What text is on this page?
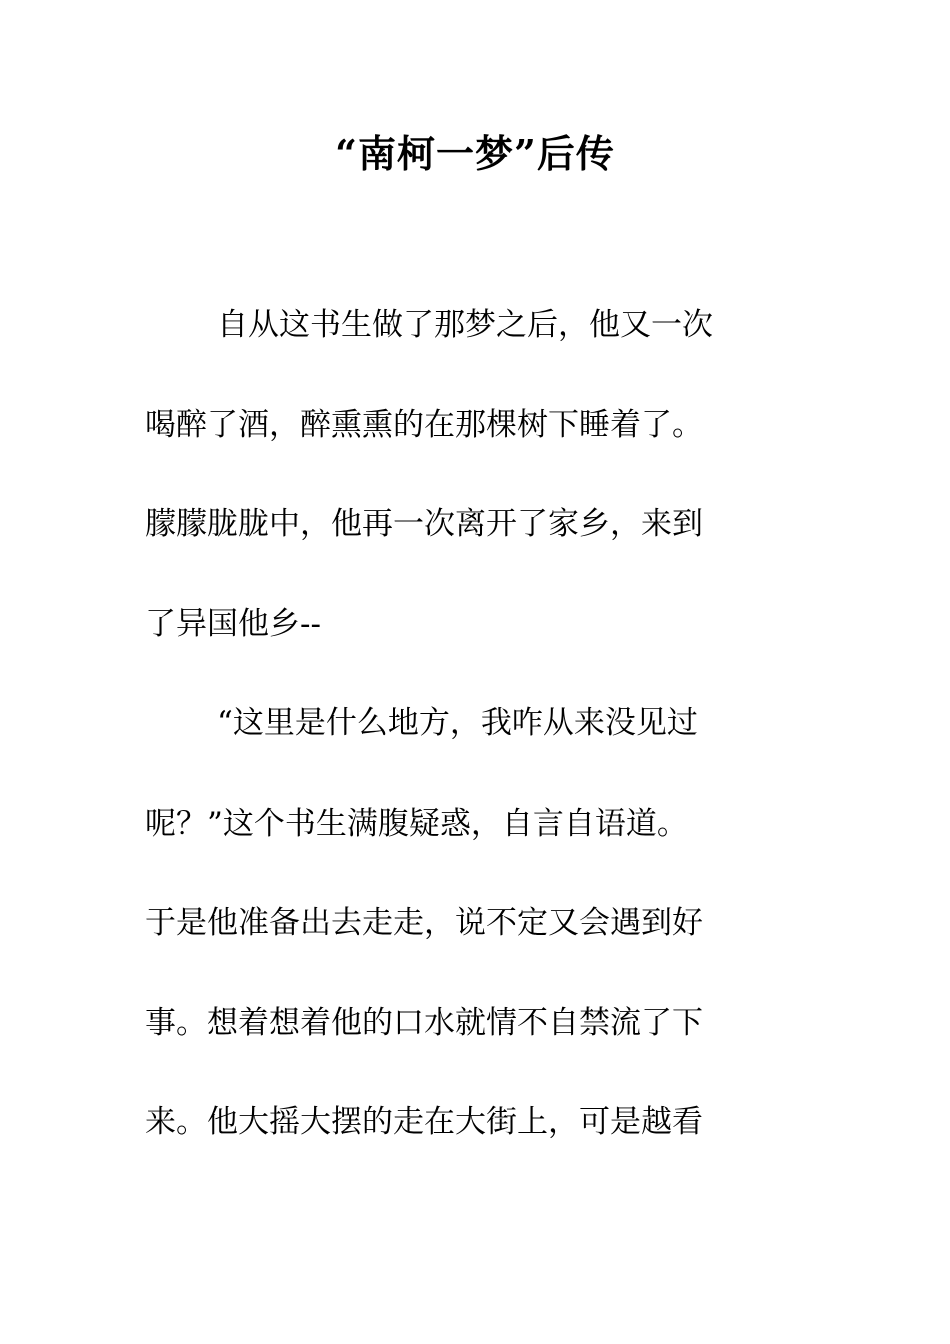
“南柯一梦”后传
自从这书生做了那梦之后，他又一次
喝醉了酒，醉熏熏的在那棵树下睡着了。
朦朦胧胧中，他再一次离开了家乡，来到
了异国他乡--
“这里是什么地方，我咋从来没见过
呢？”这个书生满腹疑惑，自言自语道。
于是他准备出去走走，说不定又会遇到好
事。想着想着他的口水就情不自禁流了下
来。他大摇大摆的走在大街上，可是越看
